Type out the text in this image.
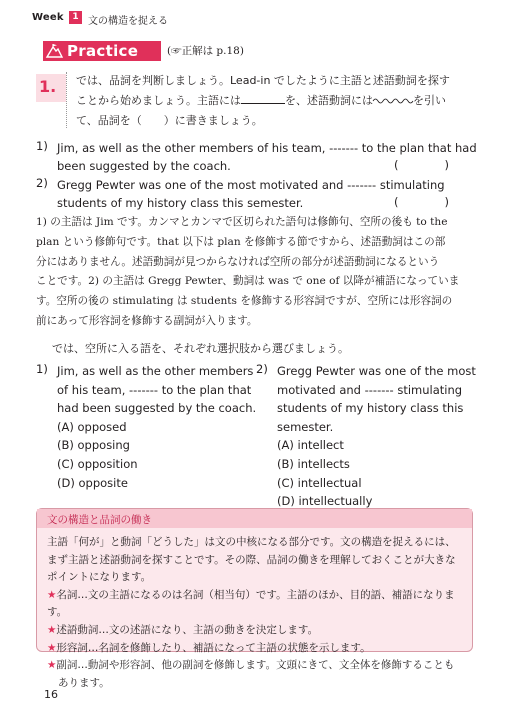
Week 1 文の構造を捉える
Practice	(☞正解は p.18)
1. では、品詞を判断しましょう。Lead-in でしたように主語と述語動詞を探す
ことから始めましょう。主語には	を、述語動詞には	を引い
て、品詞を（　　）に書きましょう。
1) Jim, as well as the other members of his team, ------- to the plan that had
been suggested by the coach.	(　　　　)
2) Gregg Pewter was one of the most motivated and ------- stimulating
students of my history class this semester.	(　　　　)
1) の主語は Jim です。カンマとカンマで区切られた語句は修飾句、空所の後も to the
plan という修飾句です。that 以下は plan を修飾する節ですから、述語動詞はこの部
分にはありません。述語動詞が見つからなければ空所の部分が述語動詞になるという
ことです。2) の主語は Gregg Pewter、動詞は was で one of 以降が補語になっていま
す。空所の後の stimulating は students を修飾する形容詞ですが、空所には形容詞の
前にあって形容詞を修飾する副詞が入ります。
では、空所に入る語を、それぞれ選択肢から選びましょう。
1) Jim, as well as the other members
of his team, ------- to the plan that
had been suggested by the coach.
(A) opposed
(B) opposing
(C) opposition
(D) opposite
2) Gregg Pewter was one of the most
motivated and ------- stimulating
students of my history class this
semester.
(A) intellect
(B) intellects
(C) intellectual
(D) intellectually
文の構造と品詞の働き
主語「何が」と動詞「どうした」は文の中核になる部分です。文の構造を捉えるには、
まず主語と述語動詞を探すことです。その際、品詞の働きを理解しておくことが大きな
ポイントになります。
★名詞…文の主語になるのは名詞（相当句）です。主語のほか、目的語、補語になります。
★述語動詞…文の述語になり、主語の動きを決定します。
★形容詞…名詞を修飾したり、補語になって主語の状態を示します。
★副詞…動詞や形容詞、他の副詞を修飾します。文頭にきて、文全体を修飾することも
あります。
16
